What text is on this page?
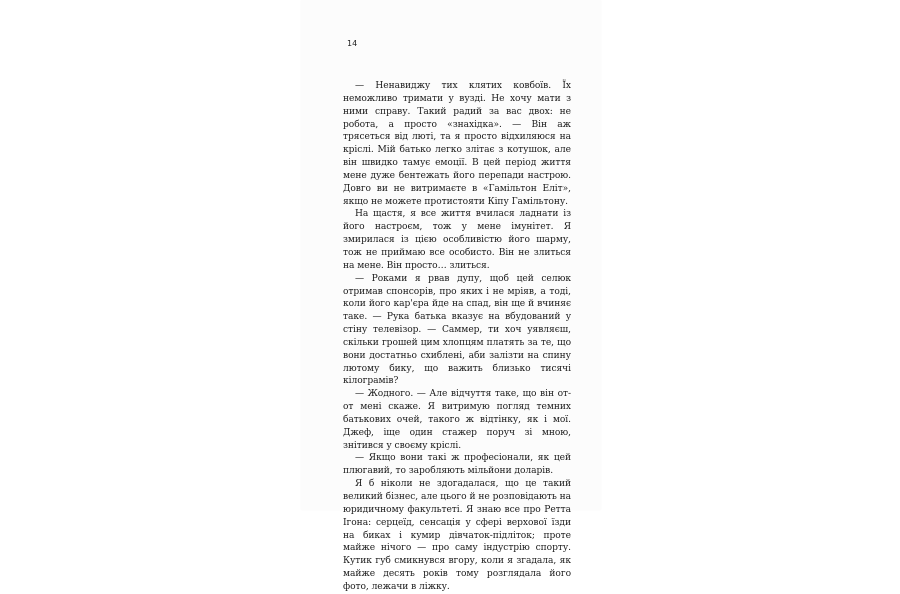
14

— Ненавиджу тих клятих ковбоїв. Їх неможливо тримати у вузді. Не хочу мати з ними справу. Такий радий за вас двох: не робота, а просто «знахідка». — Він аж трясеться від люті, та я просто відхиляюся на кріслі. Мій батько легко злітає з котушок, але він швидко тамує емоції. В цей період життя мене дуже бентежать його перепади настрою. Довго ви не витримаєте в «Гамільтон Еліт», якщо не можете протистояти Кіпу Гамільтону.

На щастя, я все життя вчилася ладнати із його настроєм, тож у мене імунітет. Я змирилася із цією особливістю його шарму, тож не приймаю все особисто. Він не злиться на мене. Він просто… злиться.

— Роками я рвав дупу, щоб цей селюк отримав спонсорів, про яких і не мріяв, а тоді, коли його кар'єра йде на спад, він ще й вчиняє таке. — Рука батька вказує на вбудований у стіну телевізор. — Саммер, ти хоч уявляєш, скільки грошей цим хлопцям платять за те, що вони достатньо схиблені, аби залізти на спину лютому бику, що важить близько тисячі кілограмів?

— Жодного. — Але відчуття таке, що він от-от мені скаже. Я витримую погляд темних батькових очей, такого ж відтінку, як і мої. Джеф, іще один стажер поруч зі мною, знітився у своєму кріслі.

— Якщо вони такі ж професіонали, як цей плюгавий, то заробляють мільйони доларів.

Я б ніколи не здогадалася, що це такий великий бізнес, але цього й не розповідають на юридичному факультеті. Я знаю все про Ретта Ігона: серцеїд, сенсація у сфері верхової їзди на биках і кумир дівчаток-підліток; проте майже нічого — про саму індустрію спорту. Кутик губ смикнувся вгору, коли я згадала, як майже десять років тому розглядала його фото, лежачи в ліжку.
